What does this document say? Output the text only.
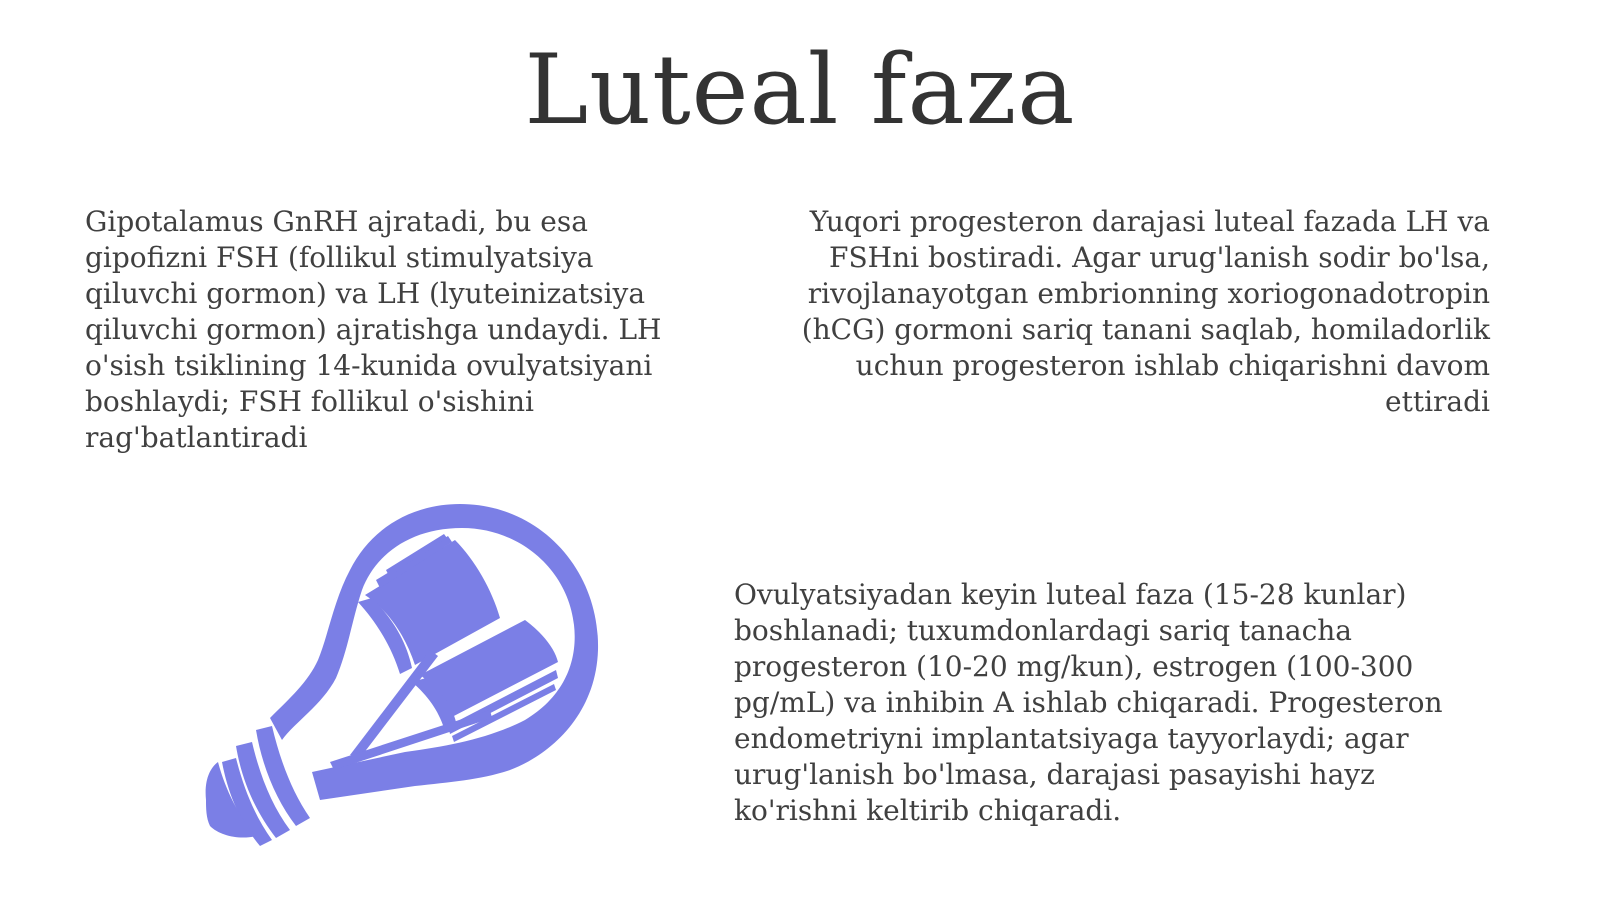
Luteal faza
Gipotalamus GnRH ajratadi, bu esa gipofizni FSH (follikul stimulyatsiya qiluvchi gormon) va LH (lyuteinizatsiya qiluvchi gormon) ajratishga undaydi. LH o'sish tsiklining 14-kunida ovulyatsiyani boshlaydi; FSH follikul o'sishini rag'batlantiradi
Yuqori progesteron darajasi luteal fazada LH va FSHni bostiradi. Agar urug'lanish sodir bo'lsa, rivojlanayotgan embrionning xoriogonadotropin (hCG) gormoni sariq tanani saqlab, homiladorlik uchun progesteron ishlab chiqarishni davom ettiradi
Ovulyatsiyadan keyin luteal faza (15-28 kunlar) boshlanadi; tuxumdonlardagi sariq tanacha progesteron (10-20 mg/kun), estrogen (100-300 pg/mL) va inhibin A ishlab chiqaradi. Progesteron endometriyni implantatsiyaga tayyorlaydi; agar urug'lanish bo'lmasa, darajasi pasayishi hayz ko'rishni keltirib chiqaradi.
